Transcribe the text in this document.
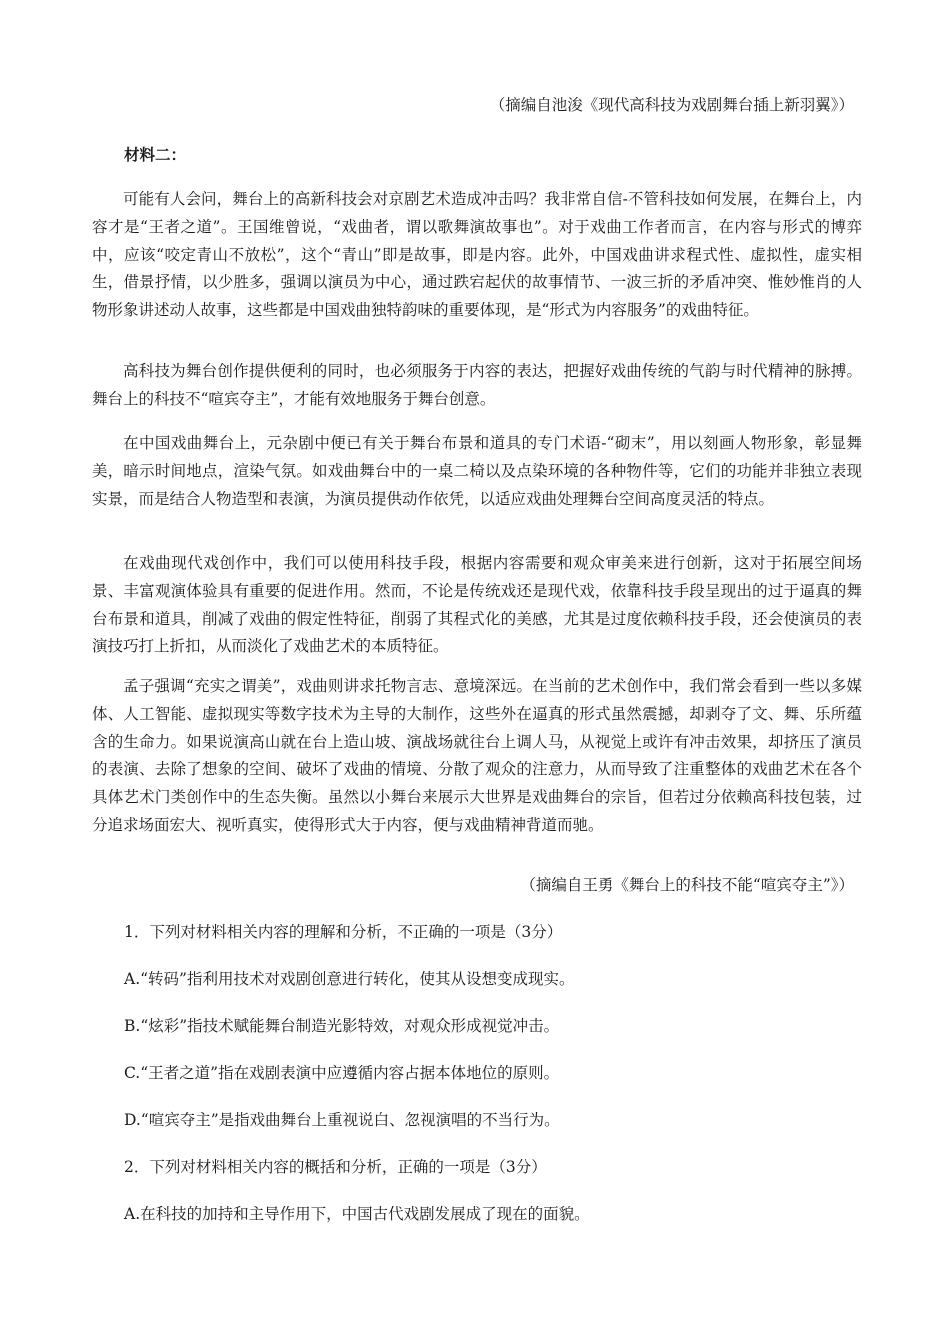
（摘编自池浚《现代高科技为戏剧舞台插上新羽翼》）
材料二：

可能有人会问，舞台上的高新科技会对京剧艺术造成冲击吗？我非常自信-不管科技如何发展，在舞台上，内容才是“王者之道”。王国维曾说，“戏曲者，谓以歌舞演故事也”。对于戏曲工作者而言，在内容与形式的博弈中，应该“咬定青山不放松”，这个“青山”即是故事，即是内容。此外，中国戏曲讲求程式性、虚拟性，虚实相生，借景抒情，以少胜多，强调以演员为中心，通过跌宕起伏的故事情节、一波三折的矛盾冲突、惟妙惟肖的人物形象讲述动人故事，这些都是中国戏曲独特韵味的重要体现，是“形式为内容服务”的戏曲特征。

高科技为舞台创作提供便利的同时，也必须服务于内容的表达，把握好戏曲传统的气韵与时代精神的脉搏。舞台上的科技不“喧宾夺主”，才能有效地服务于舞台创意。

在中国戏曲舞台上，元杂剧中便已有关于舞台布景和道具的专门术语-“砌末”，用以刻画人物形象，彰显舞美，暗示时间地点，渲染气氛。如戏曲舞台中的一桌二椅以及点染环境的各种物件等，它们的功能并非独立表现实景，而是结合人物造型和表演，为演员提供动作依凭，以适应戏曲处理舞台空间高度灵活的特点。

在戏曲现代戏创作中，我们可以使用科技手段，根据内容需要和观众审美来进行创新，这对于拓展空间场景、丰富观演体验具有重要的促进作用。然而，不论是传统戏还是现代戏，依靠科技手段呈现出的过于逼真的舞台布景和道具，削减了戏曲的假定性特征，削弱了其程式化的美感，尤其是过度依赖科技手段，还会使演员的表演技巧打上折扣，从而淡化了戏曲艺术的本质特征。

孟子强调“充实之谓美”，戏曲则讲求托物言志、意境深远。在当前的艺术创作中，我们常会看到一些以多媒体、人工智能、虚拟现实等数字技术为主导的大制作，这些外在逼真的形式虽然震撼，却剥夺了文、舞、乐所蕴含的生命力。如果说演高山就在台上造山坡、演战场就往台上调人马，从视觉上或许有冲击效果，却挤压了演员的表演、去除了想象的空间、破坏了戏曲的情境、分散了观众的注意力，从而导致了注重整体的戏曲艺术在各个具体艺术门类创作中的生态失衡。虽然以小舞台来展示大世界是戏曲舞台的宗旨，但若过分依赖高科技包装，过分追求场面宏大、视听真实，使得形式大于内容，便与戏曲精神背道而驰。

（摘编自王勇《舞台上的科技不能“喧宾夺主”》）
1．下列对材料相关内容的理解和分析，不正确的一项是（3分）
A.“转码”指利用技术对戏剧创意进行转化，使其从设想变成现实。
B.“炫彩”指技术赋能舞台制造光影特效，对观众形成视觉冲击。
C.“王者之道”指在戏剧表演中应遵循内容占据本体地位的原则。
D.“喧宾夺主”是指戏曲舞台上重视说白、忽视演唱的不当行为。
2．下列对材料相关内容的概括和分析，正确的一项是（3分）
A.在科技的加持和主导作用下，中国古代戏剧发展成了现在的面貌。
